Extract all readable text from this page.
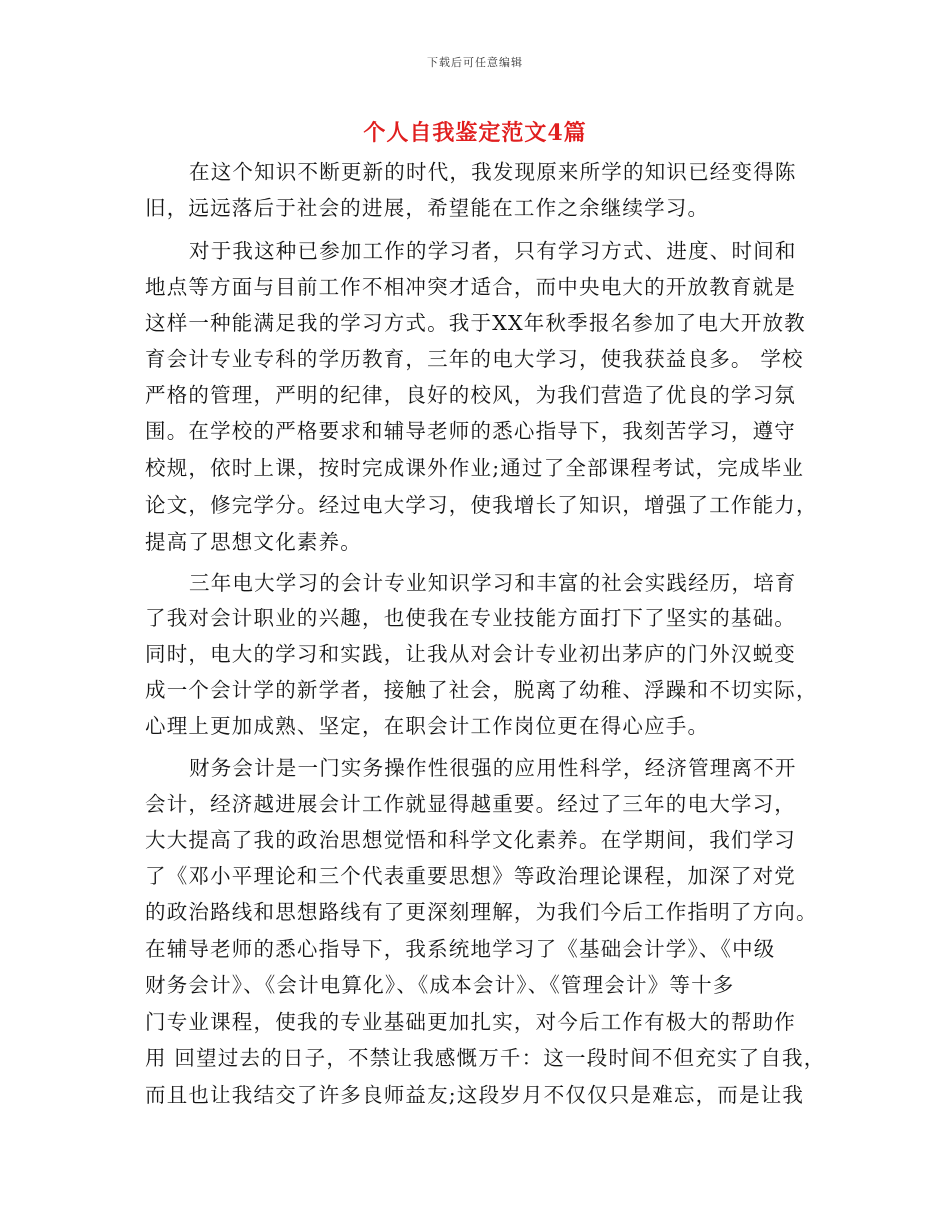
下载后可任意编辑
个人自我鉴定范文4篇
在这个知识不断更新的时代，我发现原来所学的知识已经变得陈
旧，远远落后于社会的进展，希望能在工作之余继续学习。
对于我这种已参加工作的学习者，只有学习方式、进度、时间和
地点等方面与目前工作不相冲突才适合，而中央电大的开放教育就是
这样一种能满足我的学习方式。我于XX年秋季报名参加了电大开放教
育会计专业专科的学历教育，三年的电大学习，使我获益良多。 学校
严格的管理，严明的纪律，良好的校风，为我们营造了优良的学习氛
围。在学校的严格要求和辅导老师的悉心指导下，我刻苦学习，遵守
校规，依时上课，按时完成课外作业;通过了全部课程考试，完成毕业
论文，修完学分。经过电大学习，使我增长了知识，增强了工作能力，
提高了思想文化素养。
三年电大学习的会计专业知识学习和丰富的社会实践经历，培育
了我对会计职业的兴趣，也使我在专业技能方面打下了坚实的基础。
同时，电大的学习和实践，让我从对会计专业初出茅庐的门外汉蜕变
成一个会计学的新学者，接触了社会，脱离了幼稚、浮躁和不切实际，
心理上更加成熟、坚定，在职会计工作岗位更在得心应手。
财务会计是一门实务操作性很强的应用性科学，经济管理离不开
会计，经济越进展会计工作就显得越重要。经过了三年的电大学习，
大大提高了我的政治思想觉悟和科学文化素养。在学期间，我们学习
了《邓小平理论和三个代表重要思想》等政治理论课程，加深了对党
的政治路线和思想路线有了更深刻理解，为我们今后工作指明了方向。
在辅导老师的悉心指导下，我系统地学习了《基础会计学》、《中级
财务会计》、《会计电算化》、《成本会计》、《管理会计》等十多
门专业课程，使我的专业基础更加扎实，对今后工作有极大的帮助作
用 回望过去的日子，不禁让我感慨万千：这一段时间不但充实了自我，
而且也让我结交了许多良师益友;这段岁月不仅仅只是难忘，而是让我
